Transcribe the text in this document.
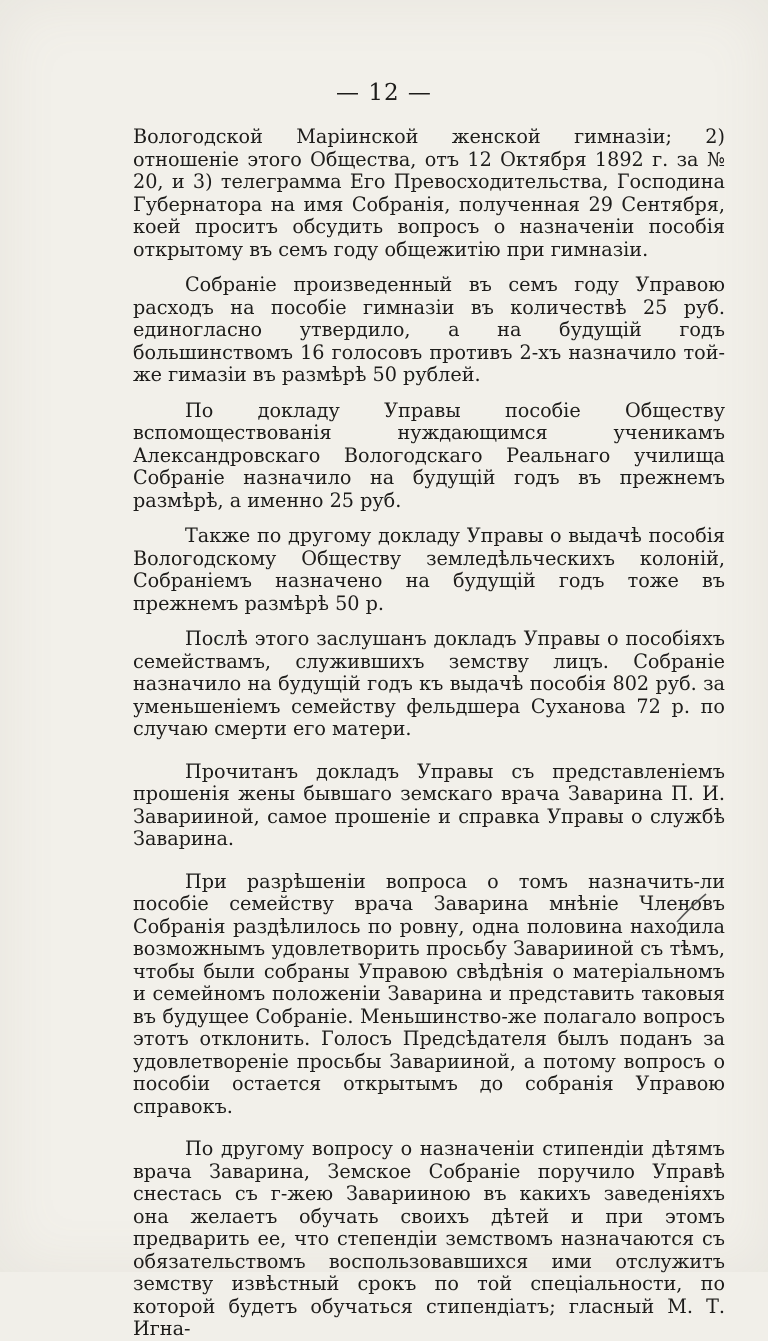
— 12 —

Вологодской Маріинской женской гимназіи; 2) отношеніе этого Общества, отъ 12 Октября 1892 г. за № 20, и 3) телеграмма Его Превосходительства, Господина Губернатора на имя Собранія, полученная 29 Сентября, коей проситъ обсудить вопросъ о назначеніи пособія открытому въ семъ году общежитію при гимназіи.

Собраніе произведенный въ семъ году Управою расходъ на пособіе гимназіи въ количествѣ 25 руб. единогласно утвердило, а на будущій годъ большинствомъ 16 голосовъ противъ 2-хъ назначило той-же гимазіи въ размѣрѣ 50 рублей.

По докладу Управы пособіе Обществу вспомоществованія нуждающимся ученикамъ Александровскаго Вологодскаго Реальнаго училища Собраніе назначило на будущій годъ въ прежнемъ размѣрѣ, а именно 25 руб.

Также по другому докладу Управы о выдачѣ пособія Вологодскому Обществу земледѣльческихъ колоній, Собраніемъ назначено на будущій годъ тоже въ прежнемъ размѣрѣ 50 р.

Послѣ этого заслушанъ докладъ Управы о пособіяхъ семействамъ, служившихъ земству лицъ. Собраніе назначило на будущій годъ къ выдачѣ пособія 802 руб. за уменьшеніемъ семейству фельдшера Суханова 72 р. по случаю смерти его матери.

Прочитанъ докладъ Управы съ представленіемъ прошенія жены бывшаго земскаго врача Заварина П. И. Заварииной, самое прошеніе и справка Управы о службѣ Заварина.

При разрѣшеніи вопроса о томъ назначить-ли пособіе семейству врача Заварина мнѣніе Членовъ Собранія раздѣлилось по ровну, одна половина находила возможнымъ удовлетворить просьбу Заварииной съ тѣмъ, чтобы были собраны Управою свѣдѣнія о матеріальномъ и семейномъ положеніи Заварина и представить таковыя въ будущее Собраніе. Меньшинство-же полагало вопросъ этотъ отклонить. Голосъ Предсѣдателя былъ поданъ за удовлетвореніе просьбы Заварииной, а потому вопросъ о пособіи остается открытымъ до собранія Управою справокъ.

По другому вопросу о назначеніи стипендіи дѣтямъ врача Заварина, Земское Собраніе поручило Управѣ снестась съ г-жею Заварииною въ какихъ заведеніяхъ она желаетъ обучать своихъ дѣтей и при этомъ предварить ее, что степендіи земствомъ назначаются съ обязательствомъ воспользовавшихся ими отслужитъ земству извѣстный срокъ по той спеціальности, по которой будетъ обучаться стипендіатъ; гласный М. Т. Игна-
